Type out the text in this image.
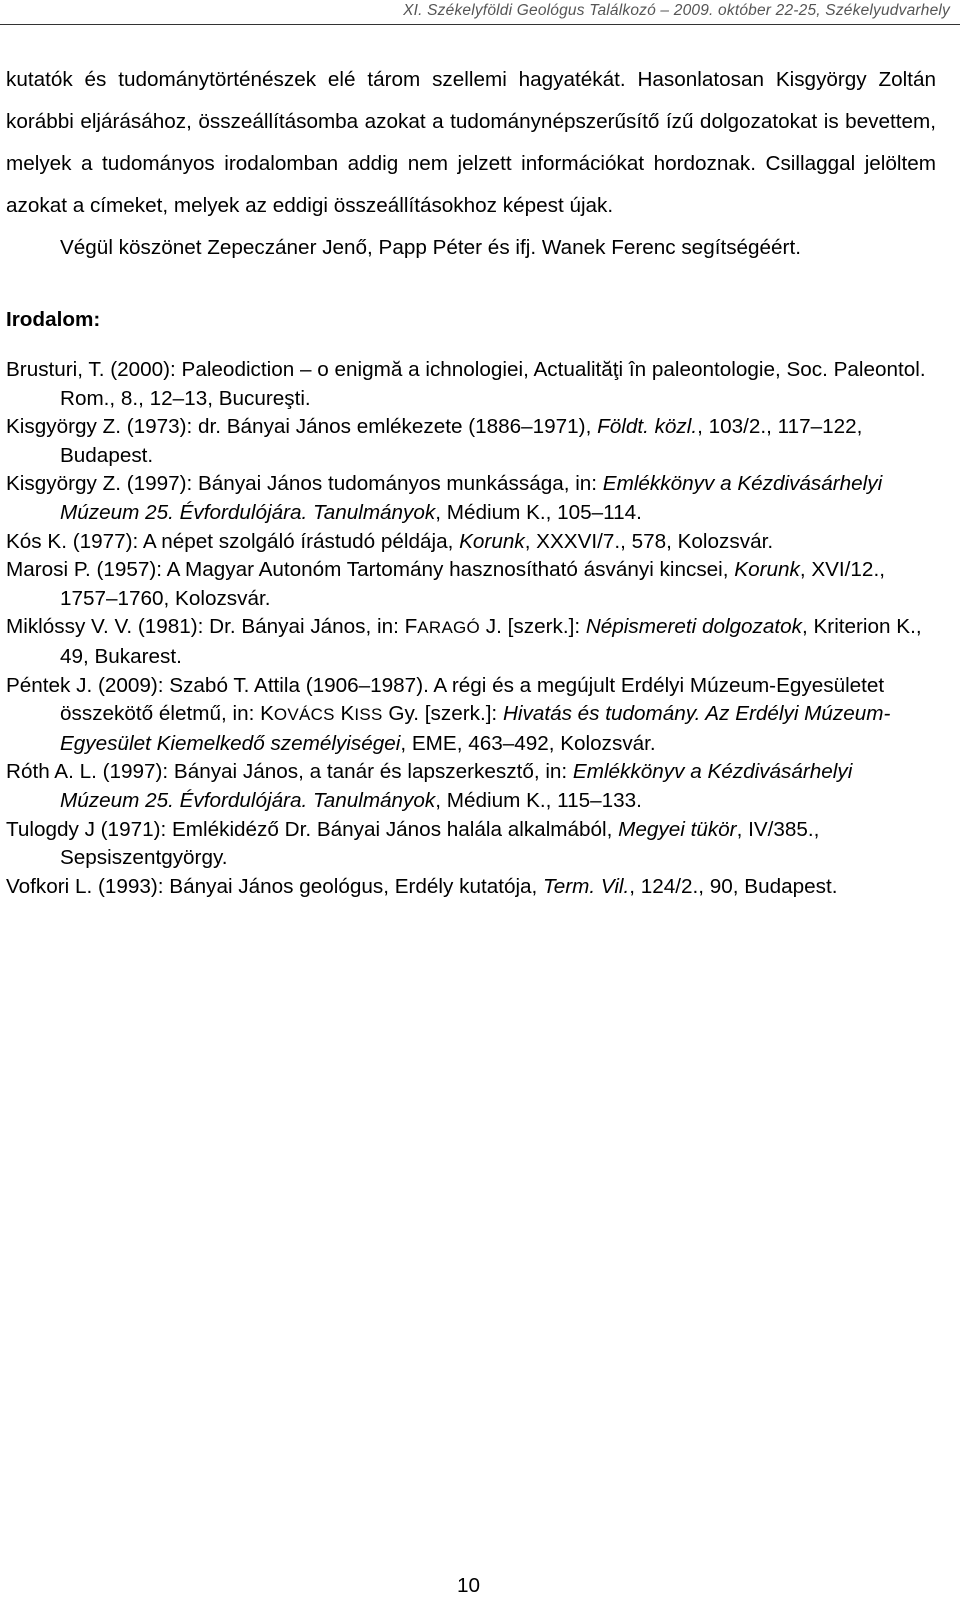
XI. Székelyföldi Geológus Találkozó – 2009. október 22-25, Székelyudvarhely

kutatók és tudománytörténészek elé tárom szellemi hagyatékát. Hasonlatosan Kisgyörgy Zoltán korábbi eljárásához, összeállításomba azokat a tudománynépszerűsítő ízű dolgozatokat is bevettem, melyek a tudományos irodalomban addig nem jelzett információkat hordoznak. Csillaggal jelöltem azokat a címeket, melyek az eddigi összeállításokhoz képest újak.

Végül köszönet Zepeczáner Jenő, Papp Péter és ifj. Wanek Ferenc segítségéért.

Irodalom:

Brusturi, T. (2000): Paleodiction – o enigmă a ichnologiei, Actualităţi în paleontologie, Soc. Paleontol. Rom., 8., 12–13, Bucureşti.

Kisgyörgy Z. (1973): dr. Bányai János emlékezete (1886–1971), Földt. közl., 103/2., 117–122, Budapest.

Kisgyörgy Z. (1997): Bányai János tudományos munkássága, in: Emlékkönyv a Kézdivásárhelyi Múzeum 25. Évfordulójára. Tanulmányok, Médium K., 105–114.

Kós K. (1977): A népet szolgáló írástudó példája, Korunk, XXXVI/7., 578, Kolozsvár.

Marosi P. (1957): A Magyar Autonóm Tartomány hasznosítható ásványi kincsei, Korunk, XVI/12., 1757–1760, Kolozsvár.

Miklóssy V. V. (1981): Dr. Bányai János, in: FARAGÓ J. [szerk.]: Népismereti dolgozatok, Kriterion K., 49, Bukarest.

Péntek J. (2009): Szabó T. Attila (1906–1987). A régi és a megújult Erdélyi Múzeum-Egyesületet összekötő életmű, in: KOVÁCS KISS Gy. [szerk.]: Hivatás és tudomány. Az Erdélyi Múzeum-Egyesület Kiemelkedő személyiségei, EME, 463–492, Kolozsvár.

Róth A. L. (1997): Bányai János, a tanár és lapszerkesztő, in: Emlékkönyv a Kézdivásárhelyi Múzeum 25. Évfordulójára. Tanulmányok, Médium K., 115–133.

Tulogdy J (1971): Emlékidéző Dr. Bányai János halála alkalmából, Megyei tükör, IV/385., Sepsiszentgyörgy.

Vofkori L. (1993): Bányai János geológus, Erdély kutatója, Term. Vil., 124/2., 90, Budapest.

10
